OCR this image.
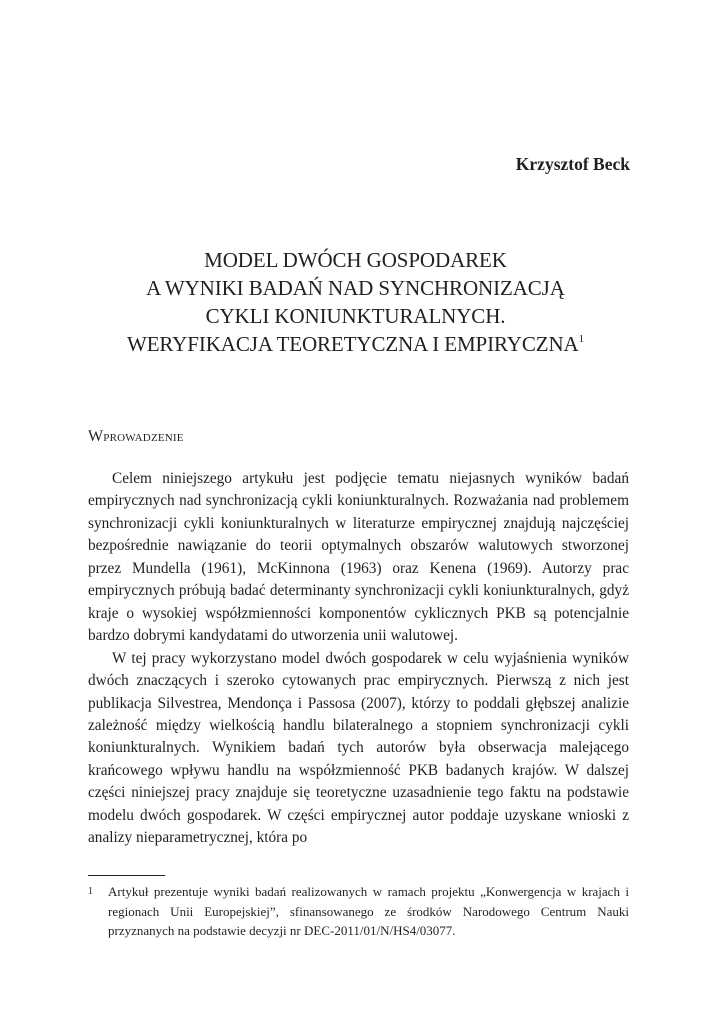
Krzysztof Beck

MODEL DWÓCH GOSPODAREK
A WYNIKI BADAŃ NAD SYNCHRONIZACJĄ
CYKLI KONIUNKTURALNYCH.
WERYFIKACJA TEORETYCZNA I EMPIRYCZNA$^1$
Wprowadzenie

Celem niniejszego artykułu jest podjęcie tematu niejasnych wyników badań empirycznych nad synchronizacją cykli koniunkturalnych. Rozważania nad problemem synchronizacji cykli koniunkturalnych w literaturze empirycznej znajdują najczęściej bezpośrednie nawiązanie do teorii optymalnych obszarów walutowych stworzonej przez Mundella (1961), McKinnona (1963) oraz Kenena (1969). Autorzy prac empirycznych próbują badać determinanty synchronizacji cykli koniunkturalnych, gdyż kraje o wysokiej współzmienności komponentów cyklicznych PKB są potencjalnie bardzo dobrymi kandydatami do utworzenia unii walutowej.

W tej pracy wykorzystano model dwóch gospodarek w celu wyjaśnienia wyników dwóch znaczących i szeroko cytowanych prac empirycznych. Pierwszą z nich jest publikacja Silvestrea, Mendonça i Passosa (2007), którzy to poddali głębszej analizie zależność między wielkością handlu bilateralnego a stopniem synchronizacji cykli koniunkturalnych. Wynikiem badań tych autorów była obserwacja malejącego krańcowego wpływu handlu na współzmienność PKB badanych krajów. W dalszej części niniejszej pracy znajduje się teoretyczne uzasadnienie tego faktu na podstawie modelu dwóch gospodarek. W części empirycznej autor poddaje uzyskane wnioski z analizy nieparametrycznej, która po

1 Artykuł prezentuje wyniki badań realizowanych w ramach projektu „Konwergencja w krajach i regionach Unii Europejskiej”, sfinansowanego ze środków Narodowego Centrum Nauki przyznanych na podstawie decyzji nr DEC-2011/01/N/HS4/03077.
